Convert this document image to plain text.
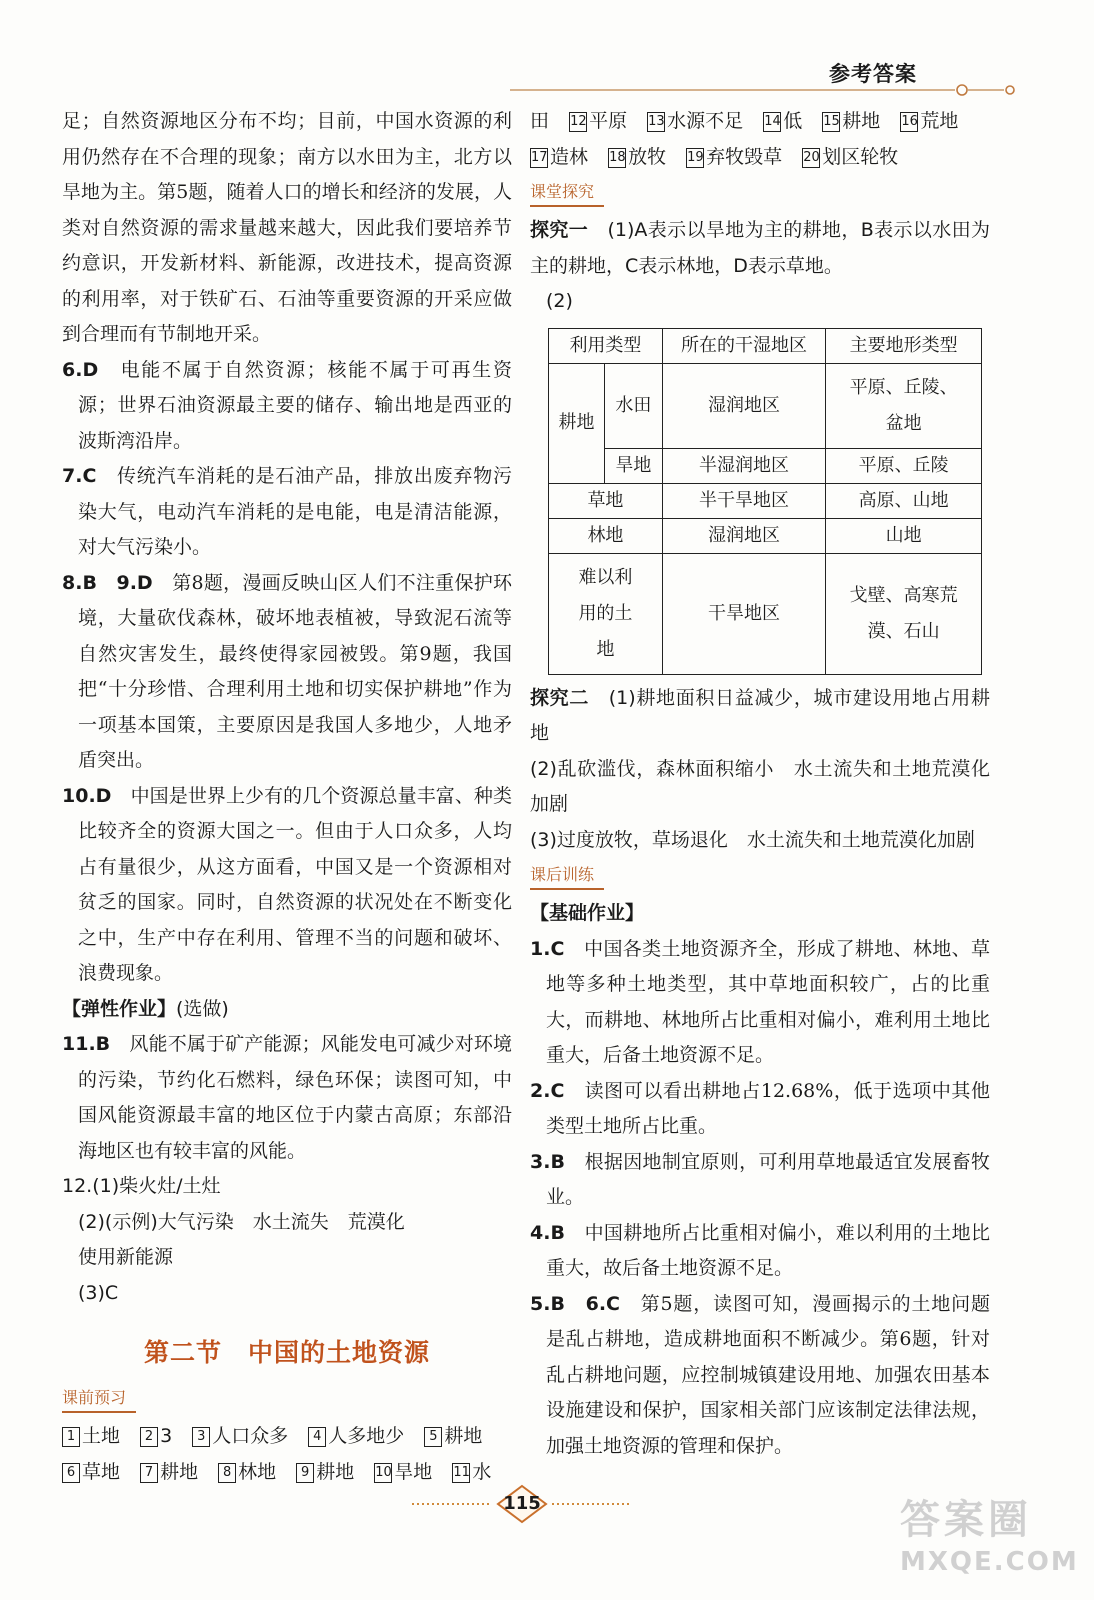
参考答案

足；自然资源地区分布不均；目前，中国水资源的利用仍然存在不合理的现象；南方以水田为主，北方以旱地为主。第5题，随着人口的增长和经济的发展，人类对自然资源的需求量越来越大，因此我们要培养节约意识，开发新材料、新能源，改进技术，提高资源的利用率，对于铁矿石、石油等重要资源的开采应做到合理而有节制地开采。

6.D　 电能不属于自然资源；核能不属于可再生资源；世界石油资源最主要的储存、输出地是西亚的波斯湾沿岸。

7.C　 传统汽车消耗的是石油产品，排放出废弃物污染大气，电动汽车消耗的是电能，电是清洁能源，对大气污染小。

8.B　9.D　 第8题，漫画反映山区人们不注重保护环境，大量砍伐森林，破坏地表植被，导致泥石流等自然灾害发生，最终使得家园被毁。第9题，我国把“十分珍惜、合理利用土地和切实保护耕地”作为一项基本国策，主要原因是我国人多地少，人地矛盾突出。

10.D　 中国是世界上少有的几个资源总量丰富、种类比较齐全的资源大国之一。但由于人口众多，人均占有量很少，从这方面看，中国又是一个资源相对贫乏的国家。同时，自然资源的状况处在不断变化之中，生产中存在利用、管理不当的问题和破坏、浪费现象。

【弹性作业】(选做)

11.B　 风能不属于矿产能源；风能发电可减少对环境的污染，节约化石燃料，绿色环保；读图可知，中国风能资源最丰富的地区位于内蒙古高原；东部沿海地区也有较丰富的风能。

12.(1)柴火灶/土灶

(2)(示例)大气污染　水土流失　荒漠化

使用新能源

(3)C

第二节　中国的土地资源
课前预习

1 土地 2 3 3 人口众多 4 人多地少 5 耕地

6 草地 7 耕地 8 林地 9 耕地 10 旱地 11 水

田 12 平原 13 水源不足 14 低 15 耕地 16 荒地

17 造林 18 放牧 19 弃牧毁草 20 划区轮牧

课堂探究

探究一　 (1)A表示以旱地为主的耕地，B表示以水田为主的耕地，C表示林地，D表示草地。

(2)

利用类型		所在的干湿地区	主要地形类型
耕地	水田	湿润地区	平原、丘陵、盆地
	旱地	半湿润地区	平原、丘陵
草地		半干旱地区	高原、山地
林地		湿润地区	山地
难以利用的土地		干旱地区	戈壁、高寒荒漠、石山

探究二　 (1)耕地面积日益减少，城市建设用地占用耕地

(2)乱砍滥伐，森林面积缩小　水土流失和土地荒漠化加剧

(3)过度放牧，草场退化　水土流失和土地荒漠化加剧

课后训练

【基础作业】

1.C　 中国各类土地资源齐全，形成了耕地、林地、草地等多种土地类型，其中草地面积较广，占的比重大，而耕地、林地所占比重相对偏小，难利用土地比重大，后备土地资源不足。

2.C　 读图可以看出耕地占12.68%，低于选项中其他类型土地所占比重。

3.B　 根据因地制宜原则，可利用草地最适宜发展畜牧业。

4.B　 中国耕地所占比重相对偏小，难以利用的土地比重大，故后备土地资源不足。

5.B　6.C　 第5题，读图可知，漫画揭示的土地问题是乱占耕地，造成耕地面积不断减少。第6题，针对乱占耕地问题，应控制城镇建设用地、加强农田基本设施建设和保护，国家相关部门应该制定法律法规，加强土地资源的管理和保护。

115	答案圈
MXQE.COM
